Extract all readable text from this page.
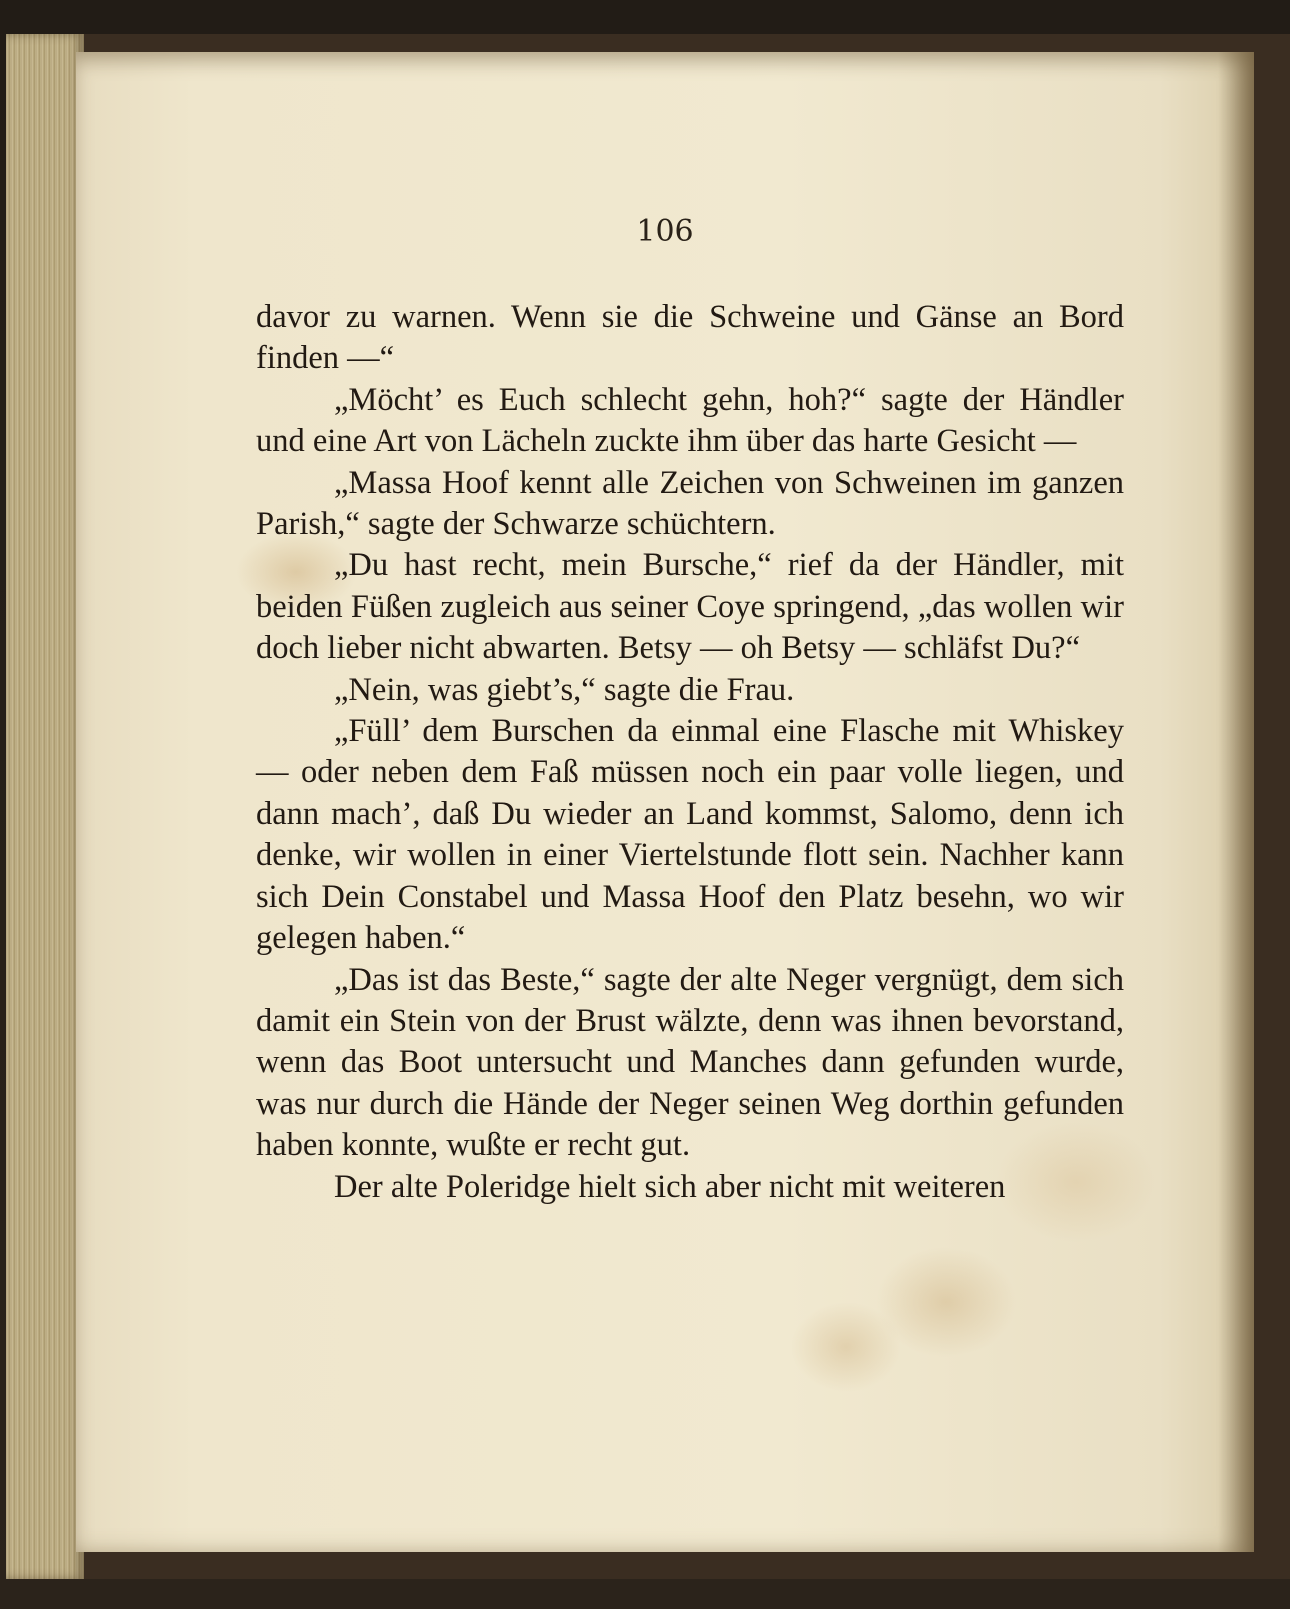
106

davor zu warnen. Wenn sie die Schweine und Gänse an Bord finden —“

„Möcht’ es Euch schlecht gehn, hoh?“ sagte der Händler und eine Art von Lächeln zuckte ihm über das harte Gesicht —

„Massa Hoof kennt alle Zeichen von Schweinen im ganzen Parish,“ sagte der Schwarze schüchtern.

„Du hast recht, mein Bursche,“ rief da der Händler, mit beiden Füßen zugleich aus seiner Coye springend, „das wollen wir doch lieber nicht abwarten. Betsy — oh Betsy — schläfst Du?“

„Nein, was giebt’s,“ sagte die Frau.

„Füll’ dem Burschen da einmal eine Flasche mit Whiskey — oder neben dem Faß müssen noch ein paar volle liegen, und dann mach’, daß Du wieder an Land kommst, Salomo, denn ich denke, wir wollen in einer Viertelstunde flott sein. Nachher kann sich Dein Constabel und Massa Hoof den Platz besehn, wo wir gelegen haben.“

„Das ist das Beste,“ sagte der alte Neger vergnügt, dem sich damit ein Stein von der Brust wälzte, denn was ihnen bevorstand, wenn das Boot untersucht und Manches dann gefunden wurde, was nur durch die Hände der Neger seinen Weg dorthin gefunden haben konnte, wußte er recht gut.

Der alte Poleridge hielt sich aber nicht mit weiteren
